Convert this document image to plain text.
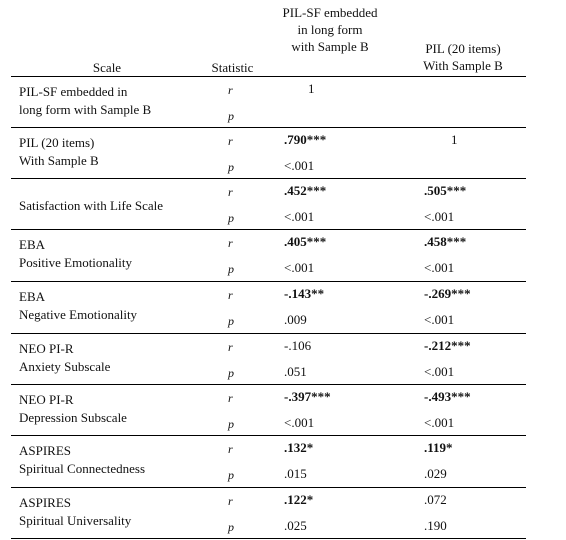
Scale	Statistic
PIL-SF embedded
in long form
with Sample B	PIL (20 items)
With Sample B
PIL-SF embedded in
long form with Sample B
r
p
1
PIL (20 items)
With Sample B
r
p
.790***
<.001
1
Satisfaction with Life Scale
r
p
.452***
<.001
.505***
<.001
EBA
Positive Emotionality
r
p
.405***
<.001
.458***
<.001
EBA
Negative Emotionality
r
p
-.143**
.009
-.269***
<.001
NEO PI-R
Anxiety Subscale
r
p
-.106
.051
-.212***
<.001
NEO PI-R
Depression Subscale
r
p
-.397***
<.001
-.493***
<.001
ASPIRES
Spiritual Connectedness
r
p
.132*
.015
.119*
.029
ASPIRES
Spiritual Universality
r
p
.122*
.025
.072
.190
